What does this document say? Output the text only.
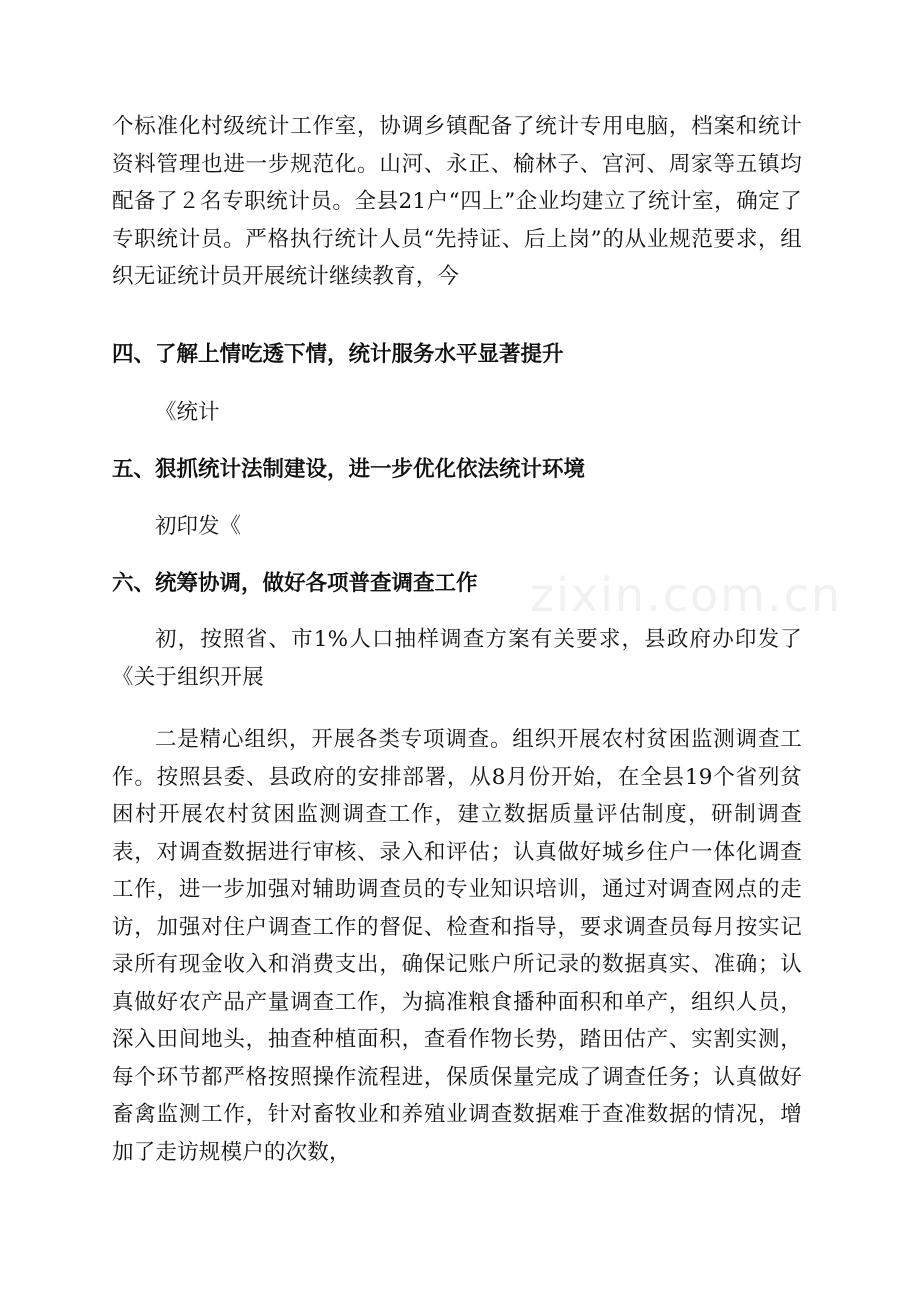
zixin.com.cn

个标准化村级统计工作室，协调乡镇配备了统计专用电脑，档案和统计资料管理也进一步规范化。山河、永正、榆林子、宫河、周家等五镇均配备了２名专职统计员。全县21户“四上”企业均建立了统计室，确定了专职统计员。严格执行统计人员“先持证、后上岗”的从业规范要求，组织无证统计员开展统计继续教育，今

四、了解上情吃透下情，统计服务水平显著提升
《统计
五、狠抓统计法制建设，进一步优化依法统计环境
初印发《
六、统筹协调，做好各项普查调查工作

初，按照省、市1%人口抽样调查方案有关要求，县政府办印发了《关于组织开展

二是精心组织，开展各类专项调查。组织开展农村贫困监测调查工作。按照县委、县政府的安排部署，从8月份开始，在全县19个省列贫困村开展农村贫困监测调查工作，建立数据质量评估制度，研制调查表，对调查数据进行审核、录入和评估；认真做好城乡住户一体化调查工作，进一步加强对辅助调查员的专业知识培训，通过对调查网点的走访，加强对住户调查工作的督促、检查和指导，要求调查员每月按实记录所有现金收入和消费支出，确保记账户所记录的数据真实、准确；认真做好农产品产量调查工作，为搞准粮食播种面积和单产，组织人员，深入田间地头，抽查种植面积，查看作物长势，踏田估产、实割实测，每个环节都严格按照操作流程进，保质保量完成了调查任务；认真做好畜禽监测工作，针对畜牧业和养殖业调查数据难于查准数据的情况，增加了走访规模户的次数，
